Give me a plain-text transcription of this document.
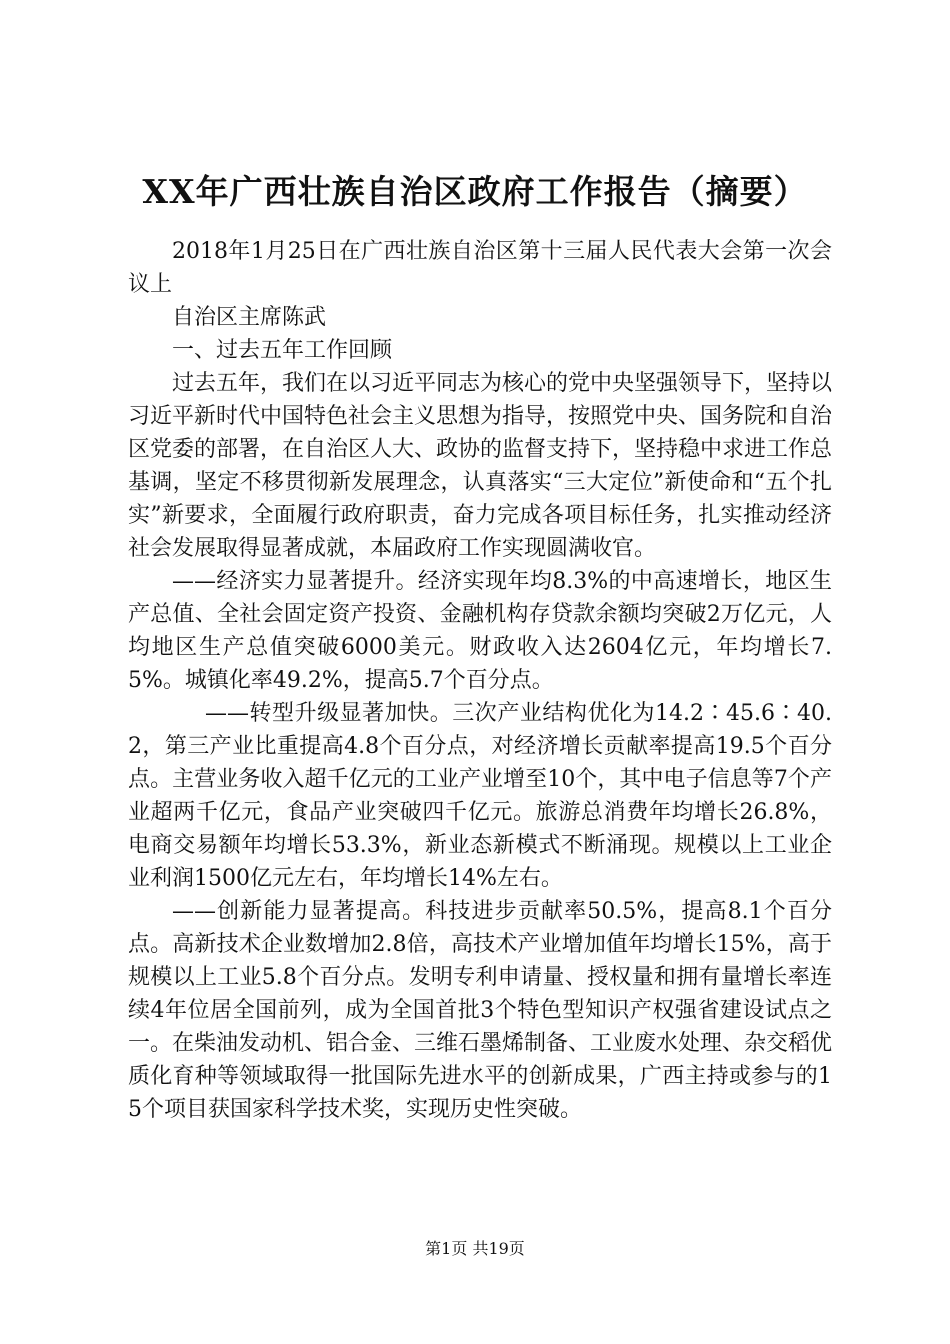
XX年广西壮族自治区政府工作报告（摘要）

2018年1月25日在广西壮族自治区第十三届人民代表大会第一次会议上

自治区主席陈武

一、过去五年工作回顾

过去五年，我们在以习近平同志为核心的党中央坚强领导下，坚持以习近平新时代中国特色社会主义思想为指导，按照党中央、国务院和自治区党委的部署，在自治区人大、政协的监督支持下，坚持稳中求进工作总基调，坚定不移贯彻新发展理念，认真落实“三大定位”新使命和“五个扎实”新要求，全面履行政府职责，奋力完成各项目标任务，扎实推动经济社会发展取得显著成就，本届政府工作实现圆满收官。

——经济实力显著提升。经济实现年均8.3%的中高速增长，地区生产总值、全社会固定资产投资、金融机构存贷款余额均突破2万亿元，人均地区生产总值突破6000美元。财政收入达2604亿元，年均增长7.5%。城镇化率49.2%，提高5.7个百分点。

——转型升级显著加快。三次产业结构优化为14.2∶45.6∶40.2，第三产业比重提高4.8个百分点，对经济增长贡献率提高19.5个百分点。主营业务收入超千亿元的工业产业增至10个，其中电子信息等7个产业超两千亿元，食品产业突破四千亿元。旅游总消费年均增长26.8%，电商交易额年均增长53.3%，新业态新模式不断涌现。规模以上工业企业利润1500亿元左右，年均增长14%左右。

——创新能力显著提高。科技进步贡献率50.5%，提高8.1个百分点。高新技术企业数增加2.8倍，高技术产业增加值年均增长15%，高于规模以上工业5.8个百分点。发明专利申请量、授权量和拥有量增长率连续4年位居全国前列，成为全国首批3个特色型知识产权强省建设试点之一。在柴油发动机、铝合金、三维石墨烯制备、工业废水处理、杂交稻优质化育种等领域取得一批国际先进水平的创新成果，广西主持或参与的15个项目获国家科学技术奖，实现历史性突破。

第1页 共19页
